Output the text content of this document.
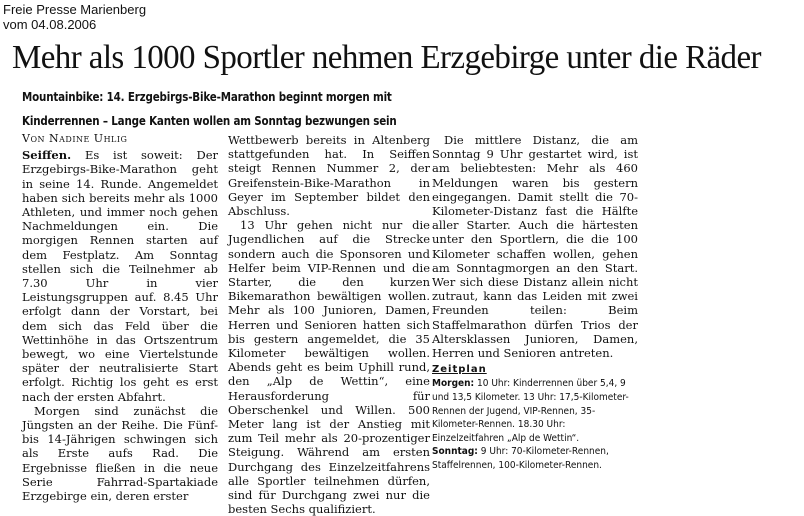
Freie Presse Marienberg
vom 04.08.2006
Mehr als 1000 Sportler nehmen Erzgebirge unter die Räder
Mountainbike: 14. Erzgebirgs-Bike-Marathon beginnt morgen mit
Kinderrennen – Lange Kanten wollen am Sonntag bezwungen sein

Von Nadine Uhlig

Seiffen. Es ist soweit: Der Erzgebirgs-Bike-Marathon geht in seine 14. Runde. Angemeldet haben sich bereits mehr als 1000 Athleten, und immer noch gehen Nachmeldungen ein. Die morgigen Rennen starten auf dem Festplatz. Am Sonntag stellen sich die Teilnehmer ab 7.30 Uhr in vier Leistungsgruppen auf. 8.45 Uhr erfolgt dann der Vorstart, bei dem sich das Feld über die Wettinhöhe in das Ortszentrum bewegt, wo eine Viertelstunde später der neutralisierte Start erfolgt. Richtig los geht es erst nach der ersten Abfahrt.

Morgen sind zunächst die Jüngsten an der Reihe. Die Fünf- bis 14-Jährigen schwingen sich als Erste aufs Rad. Die Ergebnisse fließen in die neue Serie Fahrrad-Spartakiade Erzgebirge ein, deren erster

Wettbewerb bereits in Altenberg stattgefunden hat. In Seiffen steigt Rennen Nummer 2, der Greifenstein-Bike-Marathon in Geyer im September bildet den Abschluss.

13 Uhr gehen nicht nur die Jugendlichen auf die Strecke sondern auch die Sponsoren und Helfer beim VIP-Rennen und die Starter, die den kurzen Bikemarathon bewältigen wollen. Mehr als 100 Junioren, Damen, Herren und Senioren hatten sich bis gestern angemeldet, die 35 Kilometer bewältigen wollen. Abends geht es beim Uphill rund, den „Alp de Wettin“, eine Herausforderung für Oberschenkel und Willen. 500 Meter lang ist der Anstieg mit zum Teil mehr als 20-prozentiger Steigung. Während am ersten Durchgang des Einzelzeitfahrens alle Sportler teilnehmen dürfen, sind für Durchgang zwei nur die besten Sechs qualifiziert.

Die mittlere Distanz, die am Sonntag 9 Uhr gestartet wird, ist am beliebtesten: Mehr als 460 Meldungen waren bis gestern eingegangen. Damit stellt die 70-Kilometer-Distanz fast die Hälfte aller Starter. Auch die härtesten unter den Sportlern, die die 100 Kilometer schaffen wollen, gehen am Sonntagmorgen an den Start. Wer sich diese Distanz allein nicht zutraut, kann das Leiden mit zwei Freunden teilen: Beim Staffelmarathon dürfen Trios der Altersklassen Junioren, Damen, Herren und Senioren antreten.

Zeitplan

Morgen: 10 Uhr: Kinderrennen über 5,4, 9 und 13,5 Kilometer. 13 Uhr: 17,5-Kilometer-Rennen der Jugend, VIP-Rennen, 35-Kilometer-Rennen. 18.30 Uhr: Einzelzeitfahren „Alp de Wettin“.

Sonntag: 9 Uhr: 70-Kilometer-Rennen, Staffelrennen, 100-Kilometer-Rennen.
